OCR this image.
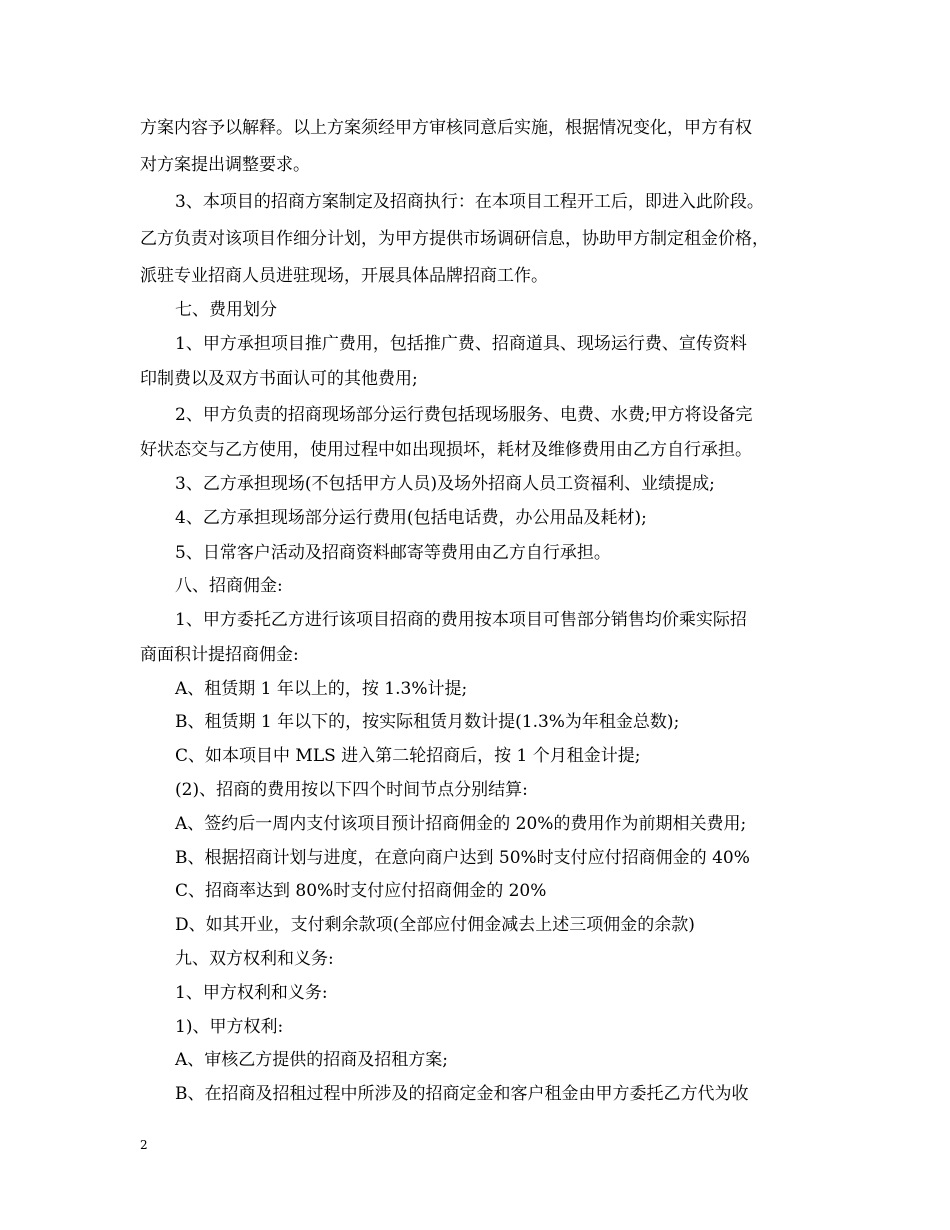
方案内容予以解释。以上方案须经甲方审核同意后实施，根据情况变化，甲方有权
对方案提出调整要求。
3、本项目的招商方案制定及招商执行：在本项目工程开工后，即进入此阶段。
乙方负责对该项目作细分计划，为甲方提供市场调研信息，协助甲方制定租金价格，
派驻专业招商人员进驻现场，开展具体品牌招商工作。
七、费用划分
1、甲方承担项目推广费用，包括推广费、招商道具、现场运行费、宣传资料
印制费以及双方书面认可的其他费用;
2、甲方负责的招商现场部分运行费包括现场服务、电费、水费;甲方将设备完
好状态交与乙方使用，使用过程中如出现损坏，耗材及维修费用由乙方自行承担。
3、乙方承担现场(不包括甲方人员)及场外招商人员工资福利、业绩提成;
4、乙方承担现场部分运行费用(包括电话费，办公用品及耗材);
5、日常客户活动及招商资料邮寄等费用由乙方自行承担。
八、招商佣金:
1、甲方委托乙方进行该项目招商的费用按本项目可售部分销售均价乘实际招
商面积计提招商佣金:
A、租赁期 1 年以上的，按 1.3%计提;
B、租赁期 1 年以下的，按实际租赁月数计提(1.3%为年租金总数);
C、如本项目中 MLS 进入第二轮招商后，按 1 个月租金计提;
(2)、招商的费用按以下四个时间节点分别结算:
A、签约后一周内支付该项目预计招商佣金的 20%的费用作为前期相关费用;
B、根据招商计划与进度，在意向商户达到 50%时支付应付招商佣金的 40%
C、招商率达到 80%时支付应付招商佣金的 20%
D、如其开业，支付剩余款项(全部应付佣金减去上述三项佣金的余款)
九、双方权利和义务:
1、甲方权利和义务:
1)、甲方权利:
A、审核乙方提供的招商及招租方案;
B、在招商及招租过程中所涉及的招商定金和客户租金由甲方委托乙方代为收
2
